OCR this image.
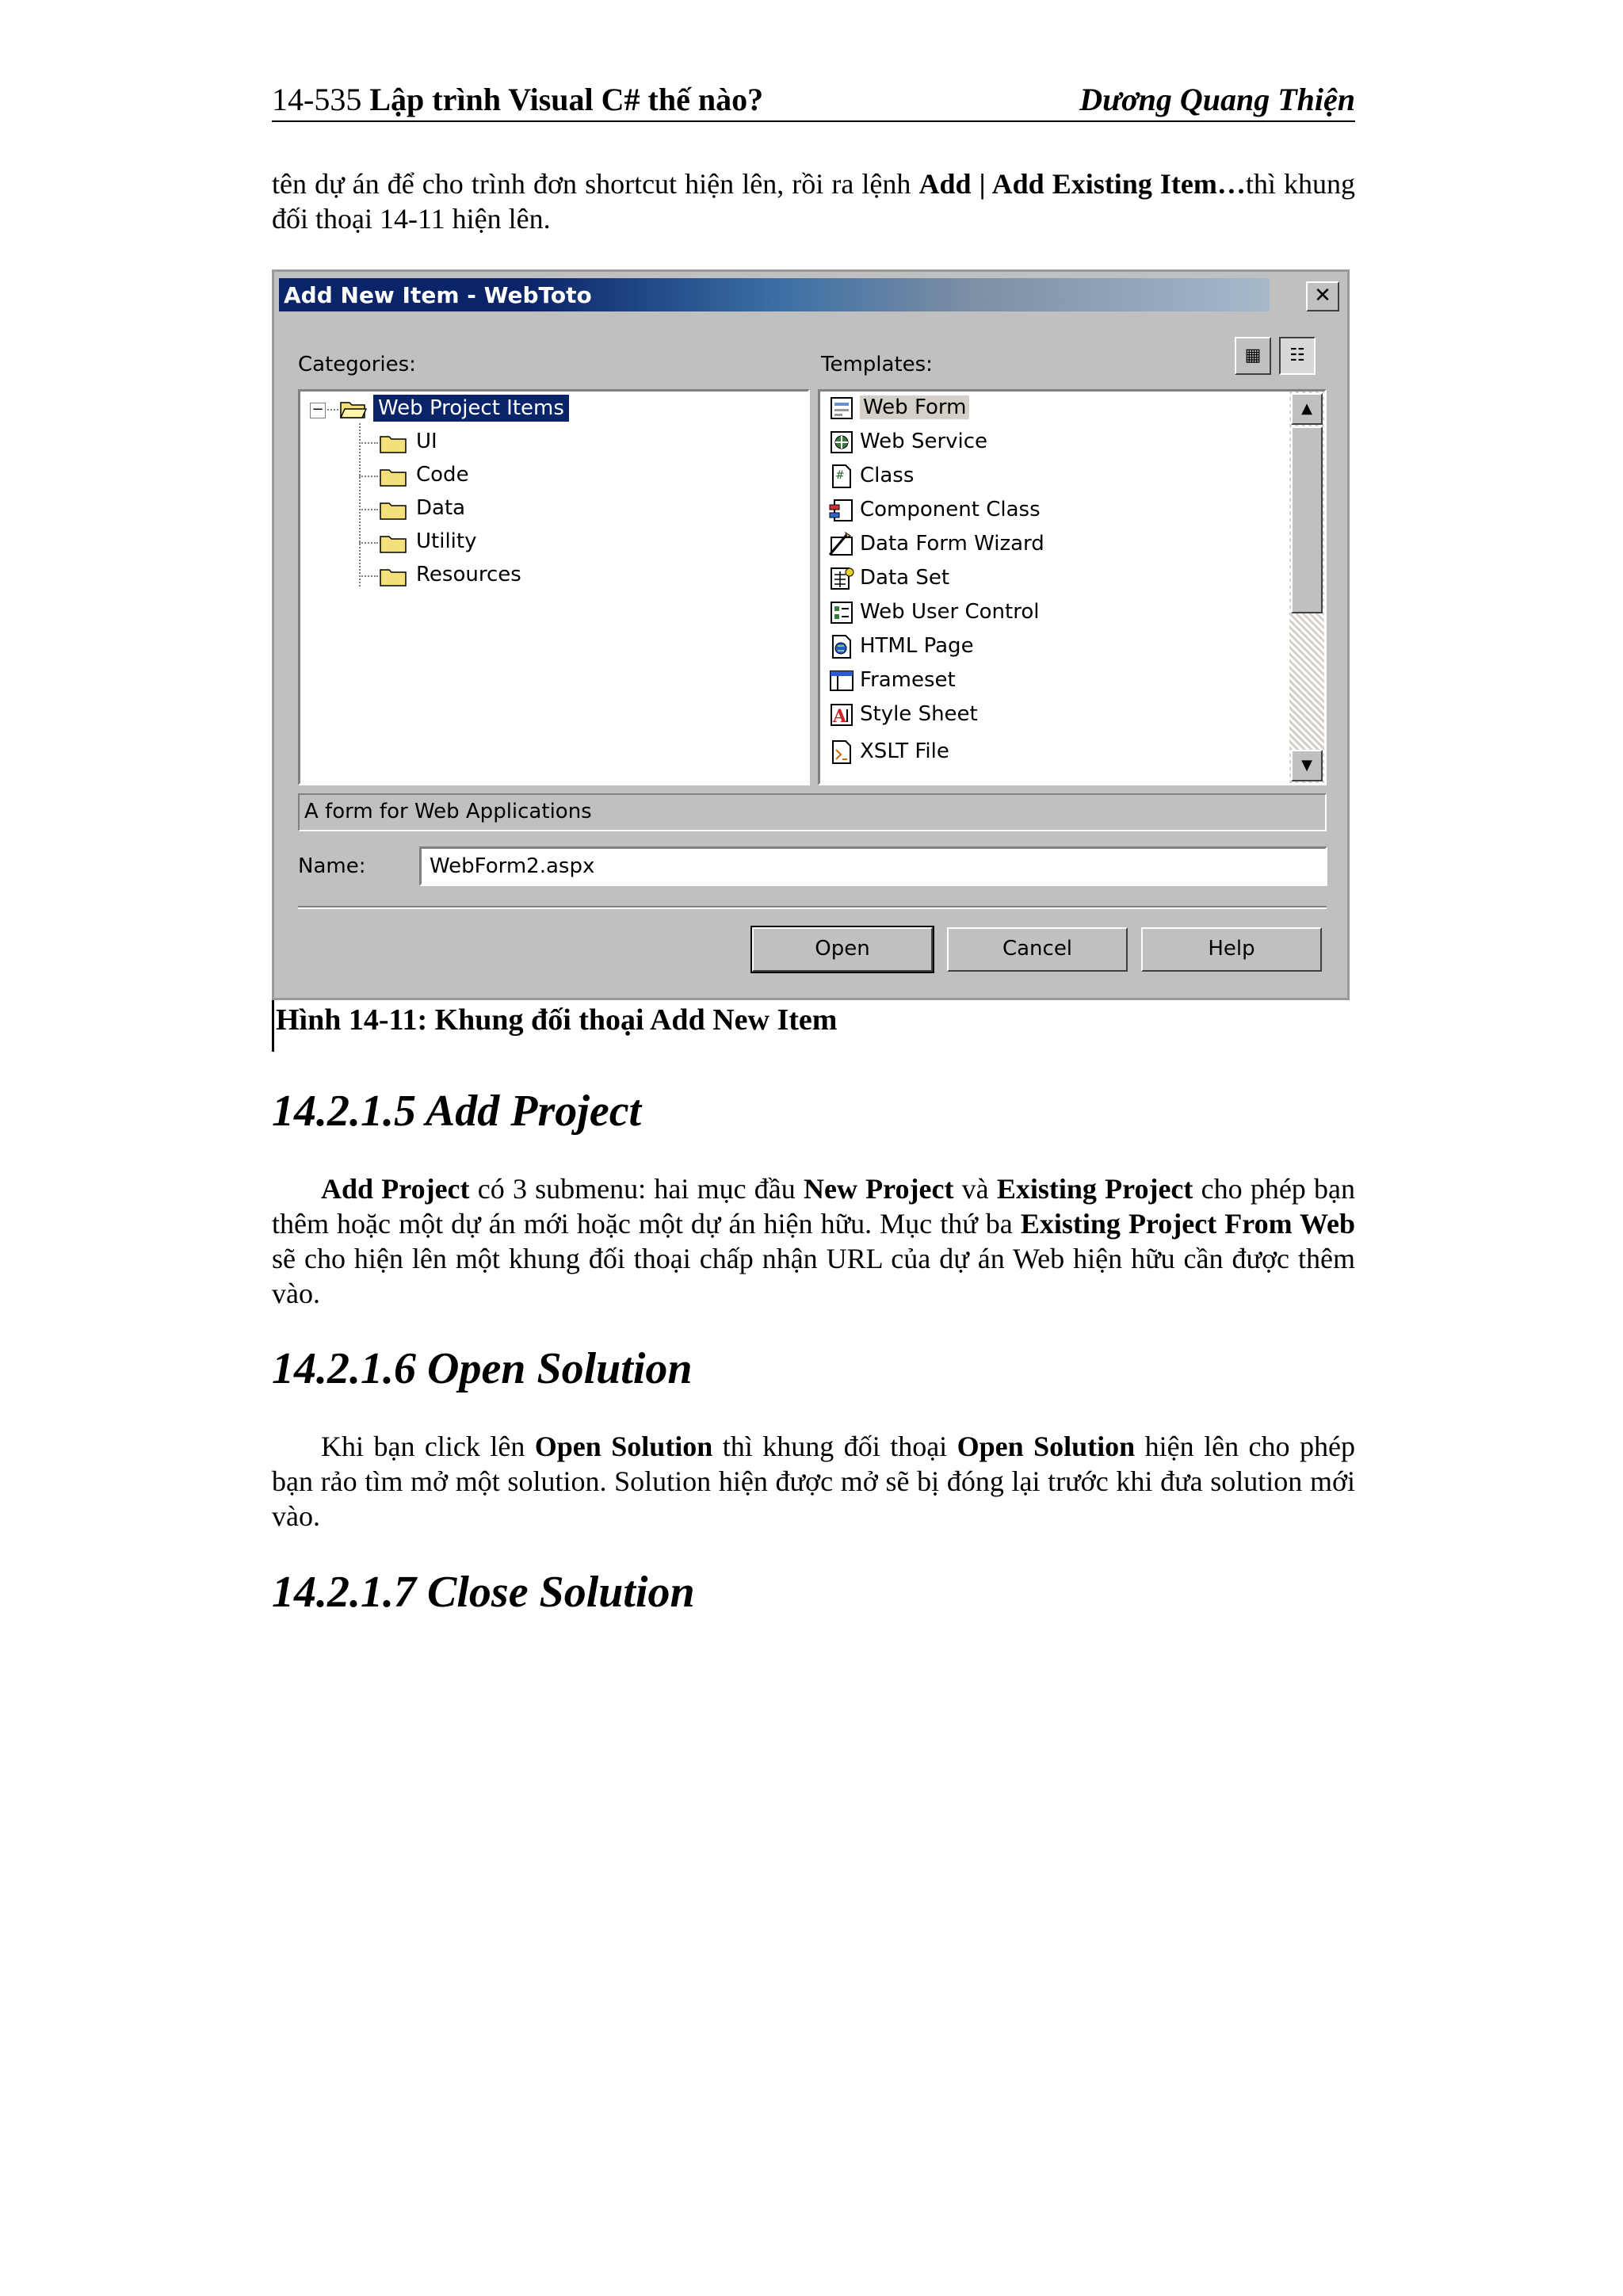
14-535 Lập trình Visual C# thế nào?	Dương Quang Thiện
tên dự án để cho trình đơn shortcut hiện lên, rồi ra lệnh Add | Add Existing Item…thì khung đối thoại 14-11 hiện lên.
Add New Item - WebToto	✕
Categories:	Templates:	▦	☷
−	Web Project Items
UI
Code
Data
Utility
Resources
Web Form
Web Service
# Class
Component Class
Data Form Wizard
Data Set
Web User Control
HTML Page
Frameset
A Style Sheet
XSLT File
▲
▼
A form for Web Applications
Name:	WebForm2.aspx
Open	Cancel	Help
Hình 14-11: Khung đối thoại Add New Item
14.2.1.5 Add Project
Add Project có 3 submenu: hai mục đầu New Project và Existing Project cho phép bạn thêm hoặc một dự án mới hoặc một dự án hiện hữu. Mục thứ ba Existing Project From Web sẽ cho hiện lên một khung đối thoại chấp nhận URL của dự án Web hiện hữu cần được thêm vào.
14.2.1.6 Open Solution
Khi bạn click lên Open Solution thì khung đối thoại Open Solution hiện lên cho phép bạn rảo tìm mở một solution. Solution hiện được mở sẽ bị đóng lại trước khi đưa solution mới vào.
14.2.1.7 Close Solution
